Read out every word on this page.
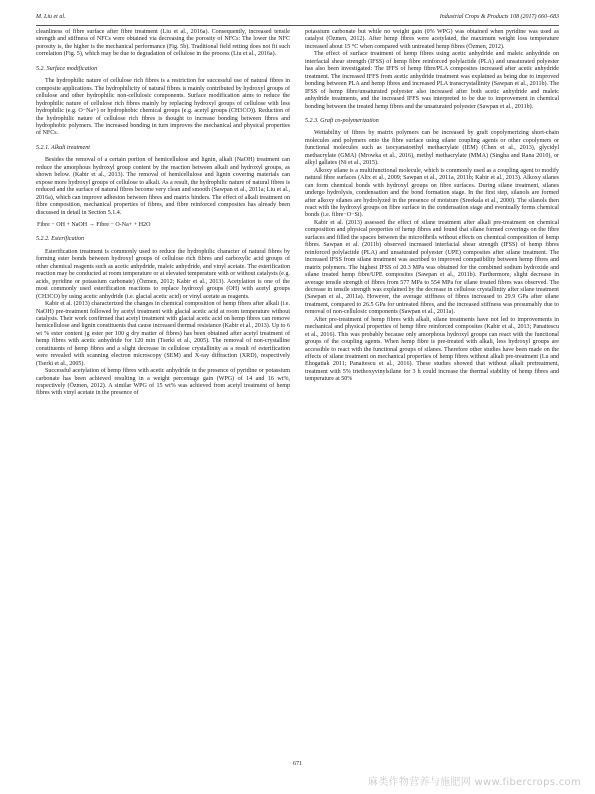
M. Liu et al.	Industrial Crops & Products 108 (2017) 660–683

cleanliness of fibre surface after fibre treatment (Liu et al., 2016a). Consequently, increased tensile strength and stiffness of NFCs were obtained via decreasing the porosity of NFCs: The lower the NFC porosity is, the higher is the mechanical performance (Fig. 5b). Traditional field retting does not fit such correlation (Fig. 5), which may be due to degradation of cellulose in the process (Liu et al., 2016a).

5.2. Surface modification

The hydrophilic nature of cellulose rich fibres is a restriction for successful use of natural fibres in composite applications. The hydrophilicity of natural fibres is mainly contributed by hydroxyl groups of cellulose and other hydrophilic non-cellulosic components. Surface modification aims to reduce the hydrophilic nature of cellulose rich fibres mainly by replacing hydroxyl groups of cellulose with less hydrophilic (e.g. O−Na+) or hydrophobic chemical groups (e.g. acetyl groups (CH3CO)). Reduction of the hydrophilic nature of cellulose rich fibres is thought to increase bonding between fibres and hydrophobic polymers. The increased bonding in turn improves the mechanical and physical properties of NFCs.

5.2.1. Alkali treatment

Besides the removal of a certain portion of hemicellulose and lignin, alkali (NaOH) treatment can reduce the amorphous hydroxyl group content by the reaction between alkali and hydroxyl groups, as shown below. (Kabir et al., 2013). The removal of hemicellulose and lignin covering materials can expose more hydroxyl groups of cellulose to alkali. As a result, the hydrophilic nature of natural fibres is reduced and the surface of natural fibres become very clean and smooth (Sawpan et al., 2011a; Liu et al., 2016a), which can improve adhesion between fibres and matrix binders. The effect of alkali treatment on fibre composition, mechanical properties of fibres, and fibre reinforced composites has already been discussed in detail in Section 5.1.4.

Fibre − OH + NaOH → Fibre − O-Na+ + H2O
5.2.2. Esterification

Esterification treatment is commonly used to reduce the hydrophilic character of natural fibres by forming ester bonds between hydroxyl groups of cellulose rich fibres and carboxylic acid groups of other chemical reagents such as acetic anhydride, maleic anhydride, and vinyl acetate. The esterification reaction may be conducted at room temperature or at elevated temperature with or without catalysts (e.g. acids, pyridine or potassium carbonate) (Özmen, 2012; Kabir et al., 2013). Acetylation is one of the most commonly used esterification reactions to replace hydroxyl groups (OH) with acetyl groups (CH3CO) by using acetic anhydride (i.e. glacial acetic acid) or vinyl acetate as reagents.

Kabir et al. (2013) characterized the changes in chemical composition of hemp fibres after alkali (i.e. NaOH) pre-treatment followed by acetyl treatment with glacial acetic acid at room temperature without catalysts. Their work confirmed that acetyl treatment with glacial acetic acid on hemp fibres can remove hemicellulose and lignin constituents that cause increased thermal resistance (Kabir et al., 2013). Up to 6 wt % ester content (g ester per 100 g dry matter of fibres) has been obtained after acetyl treatment of hemp fibres with acetic anhydride for 120 min (Tserki et al., 2005). The removal of non-crystalline constituents of hemp fibres and a slight decrease in cellulose crystallinity as a result of esterification were revealed with scanning electron microscopy (SEM) and X-ray diffraction (XRD), respectively (Tserki et al., 2005).

Successful acetylation of hemp fibres with acetic anhydride in the presence of pyridine or potassium carbonate has been achieved resulting in a weight percentage gain (WPG) of 14 and 16 wt%, respectively (Özmen, 2012). A similar WPG of 15 wt% was achieved from acetyl treatment of hemp fibres with vinyl acetate in the presence of

potassium carbonate but while no weight gain (0% WPG) was obtained when pyridine was used as catalyst (Özmen, 2012). After hemp fibres were acetylated, the maximum weight loss temperature increased about 15 °C when compared with untreated hemp fibres (Özmen, 2012).

The effect of surface treatment of hemp fibres using acetic anhydride and maleic anhydride on interfacial shear strength (IFSS) of hemp fibre reinforced polylactide (PLA) and unsaturated polyester has also been investigated: The IFFS of hemp fibre/PLA composites increased after acetic anhydride treatment. The increased IFFS from acetic anhydride treatment was explained as being due to improved bonding between PLA and hemp fibres and increased PLA transcrystallinity (Sawpan et al., 2011b). The IFSS of hemp fibre/unsaturated polyester also increased after both acetic anhydride and maleic anhydride treatments, and the increased IFFS was interpreted to be due to improvement in chemical bonding between the treated hemp fibres and the unsaturated polyester (Sawpan et al., 2011b).

5.2.3. Graft co-polymerization

Wettability of fibres by matrix polymers can be increased by graft copolymerizing short-chain molecules and polymers onto the fibre surface using silane coupling agents or other copolymers or functional molecules such as isocyanatoethyl methacrylate (IEM) (Chen et al., 2013), glycidyl methacrylate (GMA) (Mrowka et al., 2016), methyl methacrylate (MMA) (Singha and Rana 2010), or alkyl gallates (Ni et al., 2015).

Alkoxy silane is a multifunctional molecule, which is commonly used as a coupling agent to modify natural fibre surfaces (Alix et al., 2009; Sawpan et al., 2011a, 2011b; Kabir et al., 2013). Alkoxy silanes can form chemical bonds with hydroxyl groups on fibre surfaces. During silane treatment, silanes undergo hydrolysis, condensation and the bond formation stage. In the first step, silanols are formed after alkoxy silanes are hydrolyzed in the presence of moisture (Sreekala et al., 2000). The silanols then react with the hydroxyl groups on fibre surface in the condensation stage and eventually forms chemical bonds (i.e. fibre−O−Si).

Kabir et al. (2013) assessed the effect of silane treatment after alkali pre-treatment on chemical composition and physical properties of hemp fibres and found that silane formed coverings on the fibre surfaces and filled the spaces between the microfibrils without effects on chemical composition of hemp fibres. Sawpan et al. (2011b) observed increased interfacial shear strength (IFSS) of hemp fibres reinforced polylactide (PLA) and unsaturated polyester (UPE) composites after silane treatment. The increased IFSS from silane treatment was ascribed to improved compatibility between hemp fibres and matrix polymers. The highest IFSS of 20.3 MPa was obtained for the combined sodium hydroxide and silane treated hemp fibre/UPE composites (Sawpan et al., 2011b). Furthermore, slight decrease in average tensile strength of fibres from 577 MPa to 554 MPa for silane treated fibres was observed. The decrease in tensile strength was explained by the decrease in cellulose crystallinity after silane treatment (Sawpan et al., 2011a). However, the average stiffness of fibres increased to 29.9 GPa after silane treatment, compared to 26.5 GPa for untreated fibres, and the increased stiffness was presumably due to removal of non-cellulosic components (Sawpan et al., 2011a).

After pre-treatment of hemp fibres with alkali, silane treatments have not led to improvements in mechanical and physical properties of hemp fibre reinforced composites (Kabir et al., 2013; Panaitescu et al., 2016). This was probably because only amorphous hydroxyl groups can react with the functional groups of the coupling agents. When hemp fibre is pre-treated with alkali, less hydroxyl groups are accessible to react with the functional groups of silanes. Therefore other studies have been made on the effects of silane treatment on mechanical properties of hemp fibres without alkali pre-treatment (Lu and Ehogatiak 2011; Panaitescu et al., 2016). These studies showed that without alkali pretreatment, treatment with 5% triethoxyvinylsilane for 3 h could increase the thermal stability of hemp fibres and temperature at 50%

671
麻类作物营养与施肥网 www.fibercrops.com
